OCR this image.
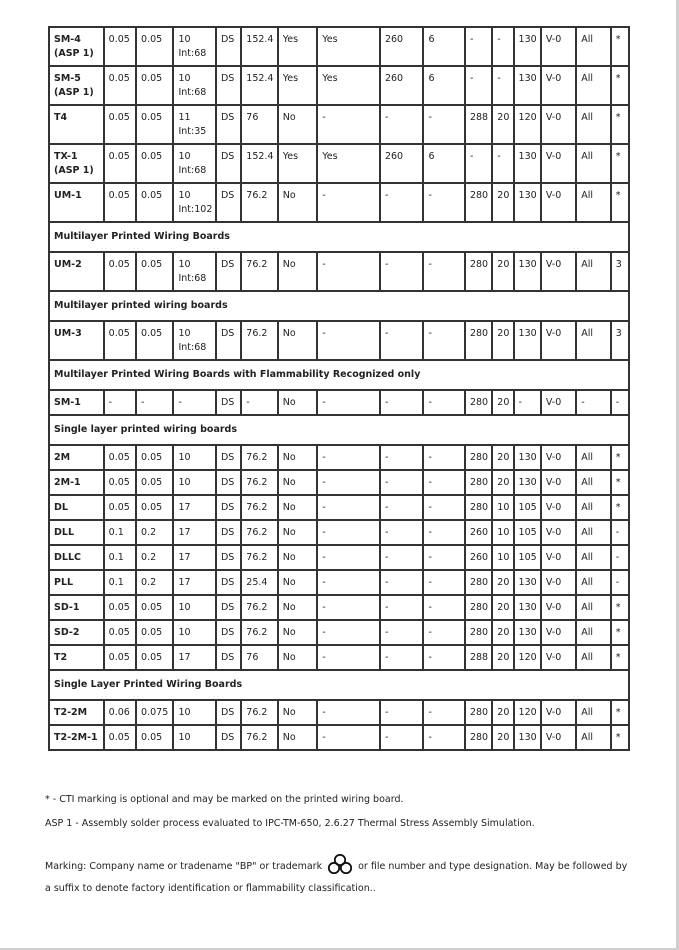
SM-4 (ASP 1)	0.05	0.05	10 Int:68	DS	152.4	Yes	Yes	260	6	-	-	130	V-0	All	*
SM-5 (ASP 1)	0.05	0.05	10 Int:68	DS	152.4	Yes	Yes	260	6	-	-	130	V-0	All	*
T4	0.05	0.05	11 Int:35	DS	76	No	-	-	-	288	20	120	V-0	All	*
TX-1 (ASP 1)	0.05	0.05	10 Int:68	DS	152.4	Yes	Yes	260	6	-	-	130	V-0	All	*
UM-1	0.05	0.05	10 Int:102	DS	76.2	No	-	-	-	280	20	130	V-0	All	*
Multilayer Printed Wiring Boards															
UM-2	0.05	0.05	10 Int:68	DS	76.2	No	-	-	-	280	20	130	V-0	All	3
Multilayer printed wiring boards															
UM-3	0.05	0.05	10 Int:68	DS	76.2	No	-	-	-	280	20	130	V-0	All	3
Multilayer Printed Wiring Boards with Flammability Recognized only															
SM-1	-	-	-	DS	-	No	-	-	-	280	20	-	V-0	-	-
Single layer printed wiring boards															
2M	0.05	0.05	10	DS	76.2	No	-	-	-	280	20	130	V-0	All	*
2M-1	0.05	0.05	10	DS	76.2	No	-	-	-	280	20	130	V-0	All	*
DL	0.05	0.05	17	DS	76.2	No	-	-	-	280	10	105	V-0	All	*
DLL	0.1	0.2	17	DS	76.2	No	-	-	-	260	10	105	V-0	All	-
DLLC	0.1	0.2	17	DS	76.2	No	-	-	-	260	10	105	V-0	All	-
PLL	0.1	0.2	17	DS	25.4	No	-	-	-	280	20	130	V-0	All	-
SD-1	0.05	0.05	10	DS	76.2	No	-	-	-	280	20	130	V-0	All	*
SD-2	0.05	0.05	10	DS	76.2	No	-	-	-	280	20	130	V-0	All	*
T2	0.05	0.05	17	DS	76	No	-	-	-	288	20	120	V-0	All	*
Single Layer Printed Wiring Boards															
T2-2M	0.06	0.075	10	DS	76.2	No	-	-	-	280	20	120	V-0	All	*
T2-2M-1	0.05	0.05	10	DS	76.2	No	-	-	-	280	20	130	V-0	All	*
* - CTI marking is optional and may be marked on the printed wiring board.
ASP 1 - Assembly solder process evaluated to IPC-TM-650, 2.6.27 Thermal Stress Assembly Simulation.
Marking: Company name or tradename "BP" or trademark	or file number and type designation. May be followed by a suffix to denote factory identification or flammability classification..
